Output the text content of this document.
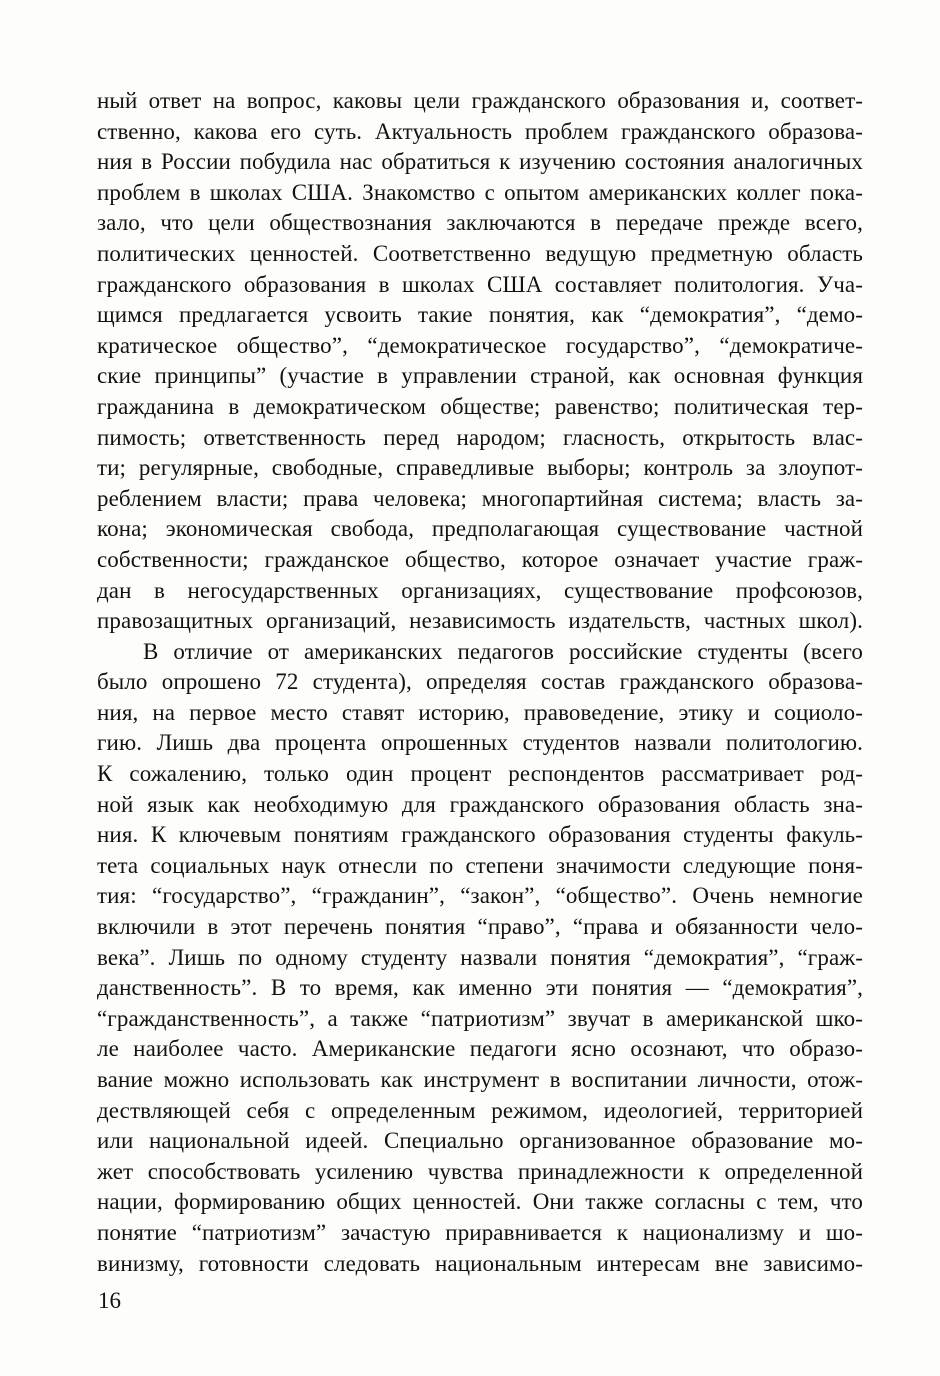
ный ответ на вопрос, каковы цели гражданского образования и, соответ-
ственно, какова его суть. Актуальность проблем гражданского образова-
ния в России побудила нас обратиться к изучению состояния аналогичных
проблем в школах США. Знакомство с опытом американских коллег пока-
зало, что цели обществознания заключаются в передаче прежде всего,
политических ценностей. Соответственно ведущую предметную область
гражданского образования в школах США составляет политология. Уча-
щимся предлагается усвоить такие понятия, как “демократия”, “демо-
кратическое общество”, “демократическое государство”, “демократиче-
ские принципы” (участие в управлении страной, как основная функция
гражданина в демократическом обществе; равенство; политическая тер-
пимость; ответственность перед народом; гласность, открытость влас-
ти; регулярные, свободные, справедливые выборы; контроль за злоупот-
реблением власти; права человека; многопартийная система; власть за-
кона; экономическая свобода, предполагающая существование частной
собственности; гражданское общество, которое означает участие граж-
дан в негосударственных организациях, существование профсоюзов,
правозащитных организаций, независимость издательств, частных школ).
В отличие от американских педагогов российские студенты (всего
было опрошено 72 студента), определяя состав гражданского образова-
ния, на первое место ставят историю, правоведение, этику и социоло-
гию. Лишь два процента опрошенных студентов назвали политологию.
К сожалению, только один процент респондентов рассматривает род-
ной язык как необходимую для гражданского образования область зна-
ния. К ключевым понятиям гражданского образования студенты факуль-
тета социальных наук отнесли по степени значимости следующие поня-
тия: “государство”, “гражданин”, “закон”, “общество”. Очень немногие
включили в этот перечень понятия “право”, “права и обязанности чело-
века”. Лишь по одному студенту назвали понятия “демократия”, “граж-
данственность”. В то время, как именно эти понятия — “демократия”,
“гражданственность”, а также “патриотизм” звучат в американской шко-
ле наиболее часто. Американские педагоги ясно осознают, что образо-
вание можно использовать как инструмент в воспитании личности, отож-
дествляющей себя с определенным режимом, идеологией, территорией
или национальной идеей. Специально организованное образование мо-
жет способствовать усилению чувства принадлежности к определенной
нации, формированию общих ценностей. Они также согласны с тем, что
понятие “патриотизм” зачастую приравнивается к национализму и шо-
винизму, готовности следовать национальным интересам вне зависимо-
16
